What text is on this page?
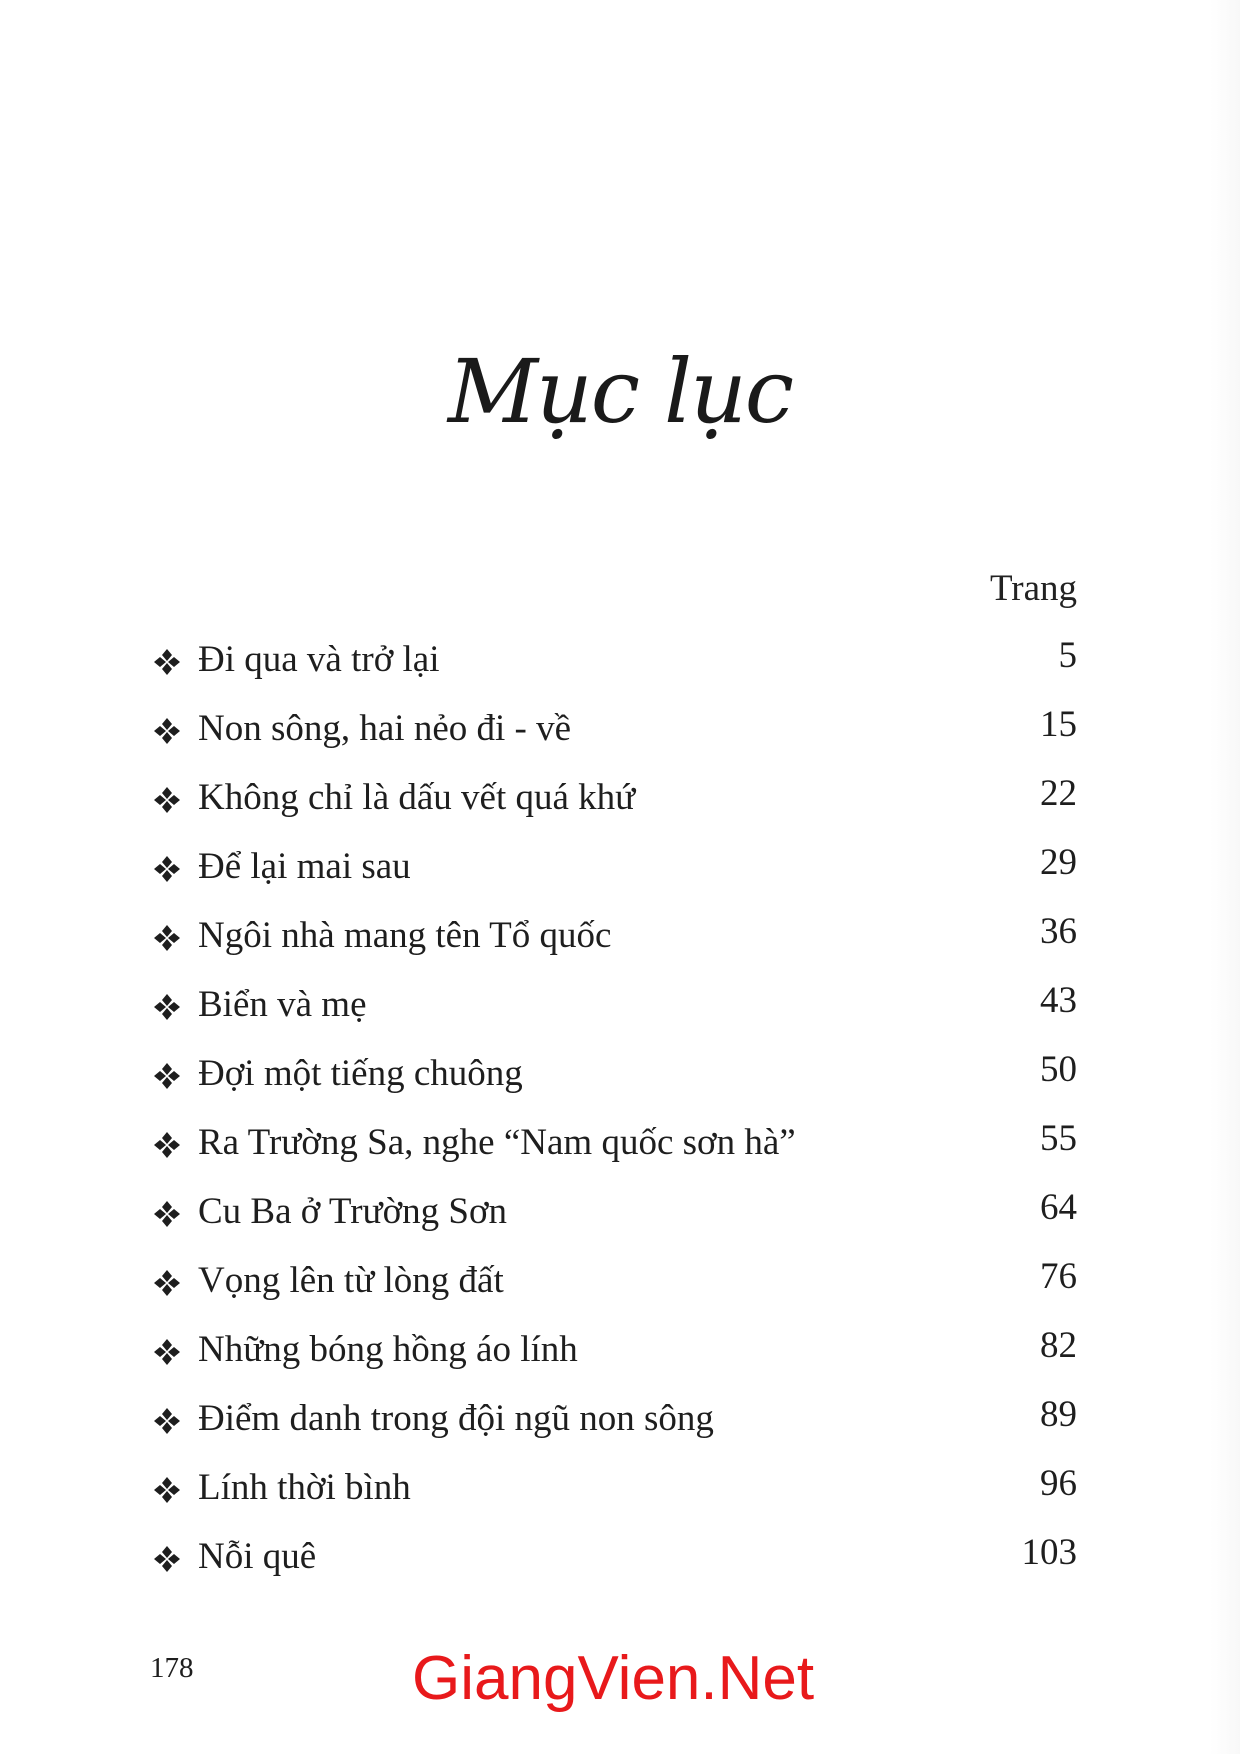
Mục lục
Trang
Đi qua và trở lại	5
Non sông, hai nẻo đi - về	15
Không chỉ là dấu vết quá khứ	22
Để lại mai sau	29
Ngôi nhà mang tên Tổ quốc	36
Biển và mẹ	43
Đợi một tiếng chuông	50
Ra Trường Sa, nghe “Nam quốc sơn hà”	55
Cu Ba ở Trường Sơn	64
Vọng lên từ lòng đất	76
Những bóng hồng áo lính	82
Điểm danh trong đội ngũ non sông	89
Lính thời bình	96
Nỗi quê	103
178	GiangVien.Net
